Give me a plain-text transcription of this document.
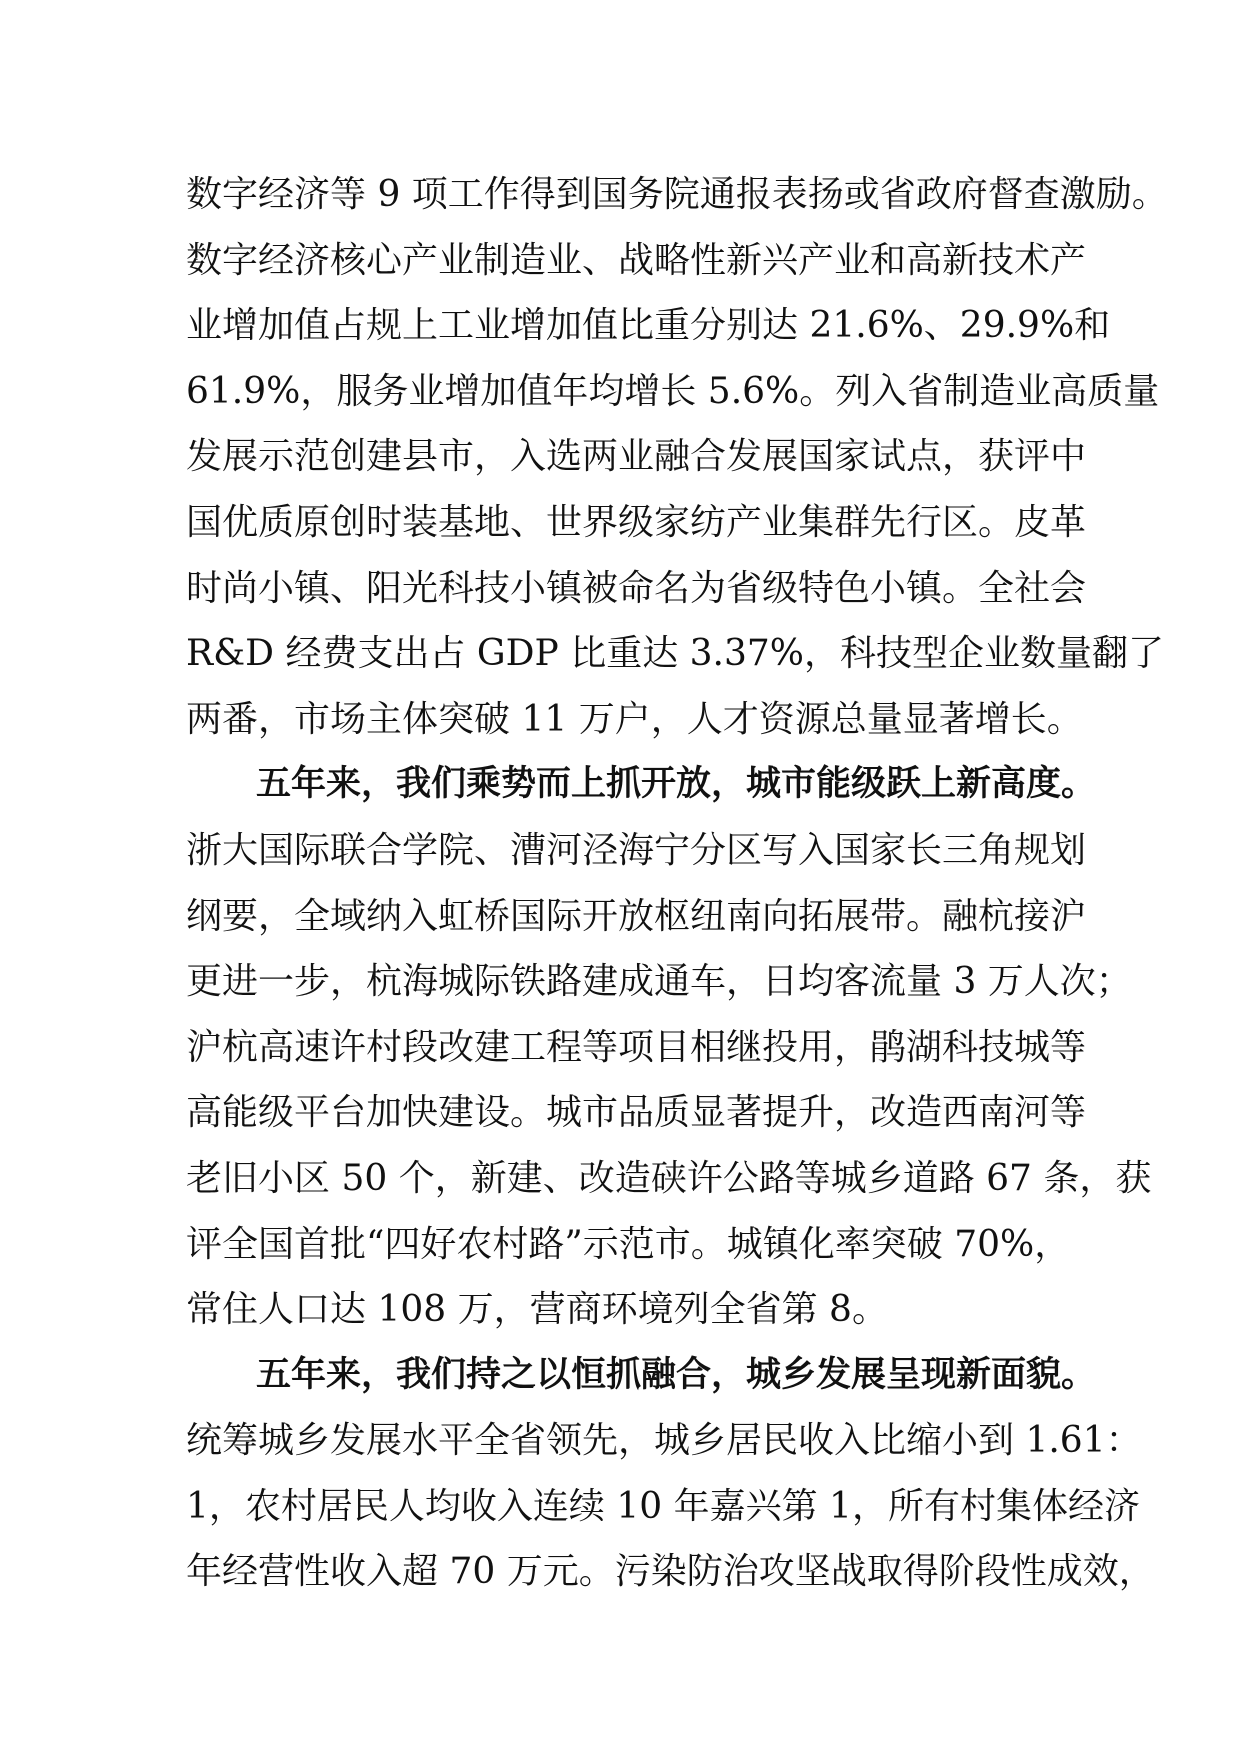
数字经济等 9 项工作得到国务院通报表扬或省政府督查激励。
数字经济核心产业制造业、战略性新兴产业和高新技术产
业增加值占规上工业增加值比重分别达 21.6%、29.9%和
61.9%，服务业增加值年均增长 5.6%。列入省制造业高质量
发展示范创建县市，入选两业融合发展国家试点，获评中
国优质原创时装基地、世界级家纺产业集群先行区。皮革
时尚小镇、阳光科技小镇被命名为省级特色小镇。全社会
R&D 经费支出占 GDP 比重达 3.37%，科技型企业数量翻了
两番，市场主体突破 11 万户，人才资源总量显著增长。
五年来，我们乘势而上抓开放，城市能级跃上新高度。
浙大国际联合学院、漕河泾海宁分区写入国家长三角规划
纲要，全域纳入虹桥国际开放枢纽南向拓展带。融杭接沪
更进一步，杭海城际铁路建成通车，日均客流量 3 万人次；
沪杭高速许村段改建工程等项目相继投用，鹃湖科技城等
高能级平台加快建设。城市品质显著提升，改造西南河等
老旧小区 50 个，新建、改造硖许公路等城乡道路 67 条，获
评全国首批“四好农村路”示范市。城镇化率突破 70%，
常住人口达 108 万，营商环境列全省第 8。
五年来，我们持之以恒抓融合，城乡发展呈现新面貌。
统筹城乡发展水平全省领先，城乡居民收入比缩小到 1.61：
1，农村居民人均收入连续 10 年嘉兴第 1，所有村集体经济
年经营性收入超 70 万元。污染防治攻坚战取得阶段性成效，
